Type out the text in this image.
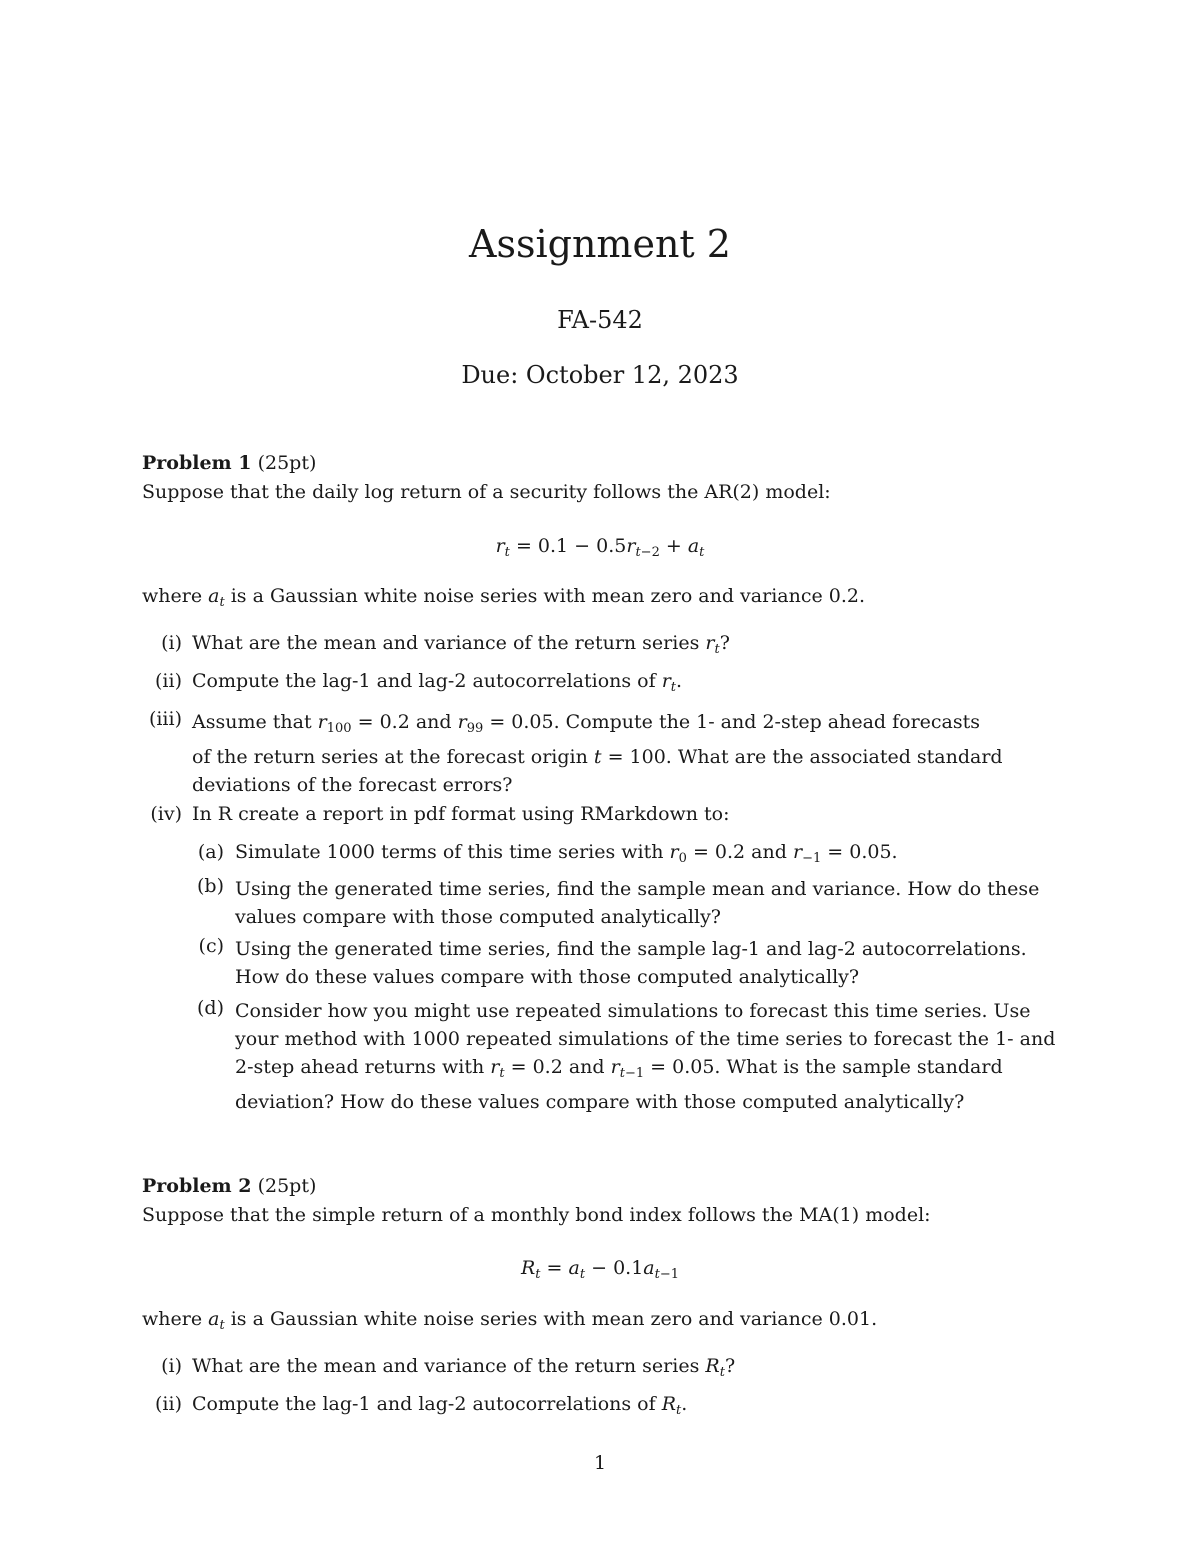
Assignment 2
FA-542
Due: October 12, 2023
Problem 1 (25pt)
Suppose that the daily log return of a security follows the AR(2) model:
$r_t = 0.1 - 0.5r_{t-2} + a_t$
where $a_t$ is a Gaussian white noise series with mean zero and variance 0.2.
(i) What are the mean and variance of the return series $r_t$?
(ii) Compute the lag-1 and lag-2 autocorrelations of $r_t$.
(iii) Assume that $r_{100} = 0.2$ and $r_{99} = 0.05$. Compute the 1- and 2-step ahead forecasts
of the return series at the forecast origin t = 100. What are the associated standard
deviations of the forecast errors?
(iv) In R create a report in pdf format using RMarkdown to:
(a) Simulate 1000 terms of this time series with $r_0 = 0.2$ and $r_{-1} = 0.05$.
(b) Using the generated time series, find the sample mean and variance. How do these
values compare with those computed analytically?
(c) Using the generated time series, find the sample lag-1 and lag-2 autocorrelations.
How do these values compare with those computed analytically?
(d) Consider how you might use repeated simulations to forecast this time series. Use
your method with 1000 repeated simulations of the time series to forecast the 1- and
2-step ahead returns with $r_t = 0.2$ and $r_{t-1} = 0.05$. What is the sample standard
deviation? How do these values compare with those computed analytically?
Problem 2 (25pt)
Suppose that the simple return of a monthly bond index follows the MA(1) model:
$R_t = a_t - 0.1a_{t-1}$
where $a_t$ is a Gaussian white noise series with mean zero and variance 0.01.
(i) What are the mean and variance of the return series $R_t$?
(ii) Compute the lag-1 and lag-2 autocorrelations of $R_t$.
1
